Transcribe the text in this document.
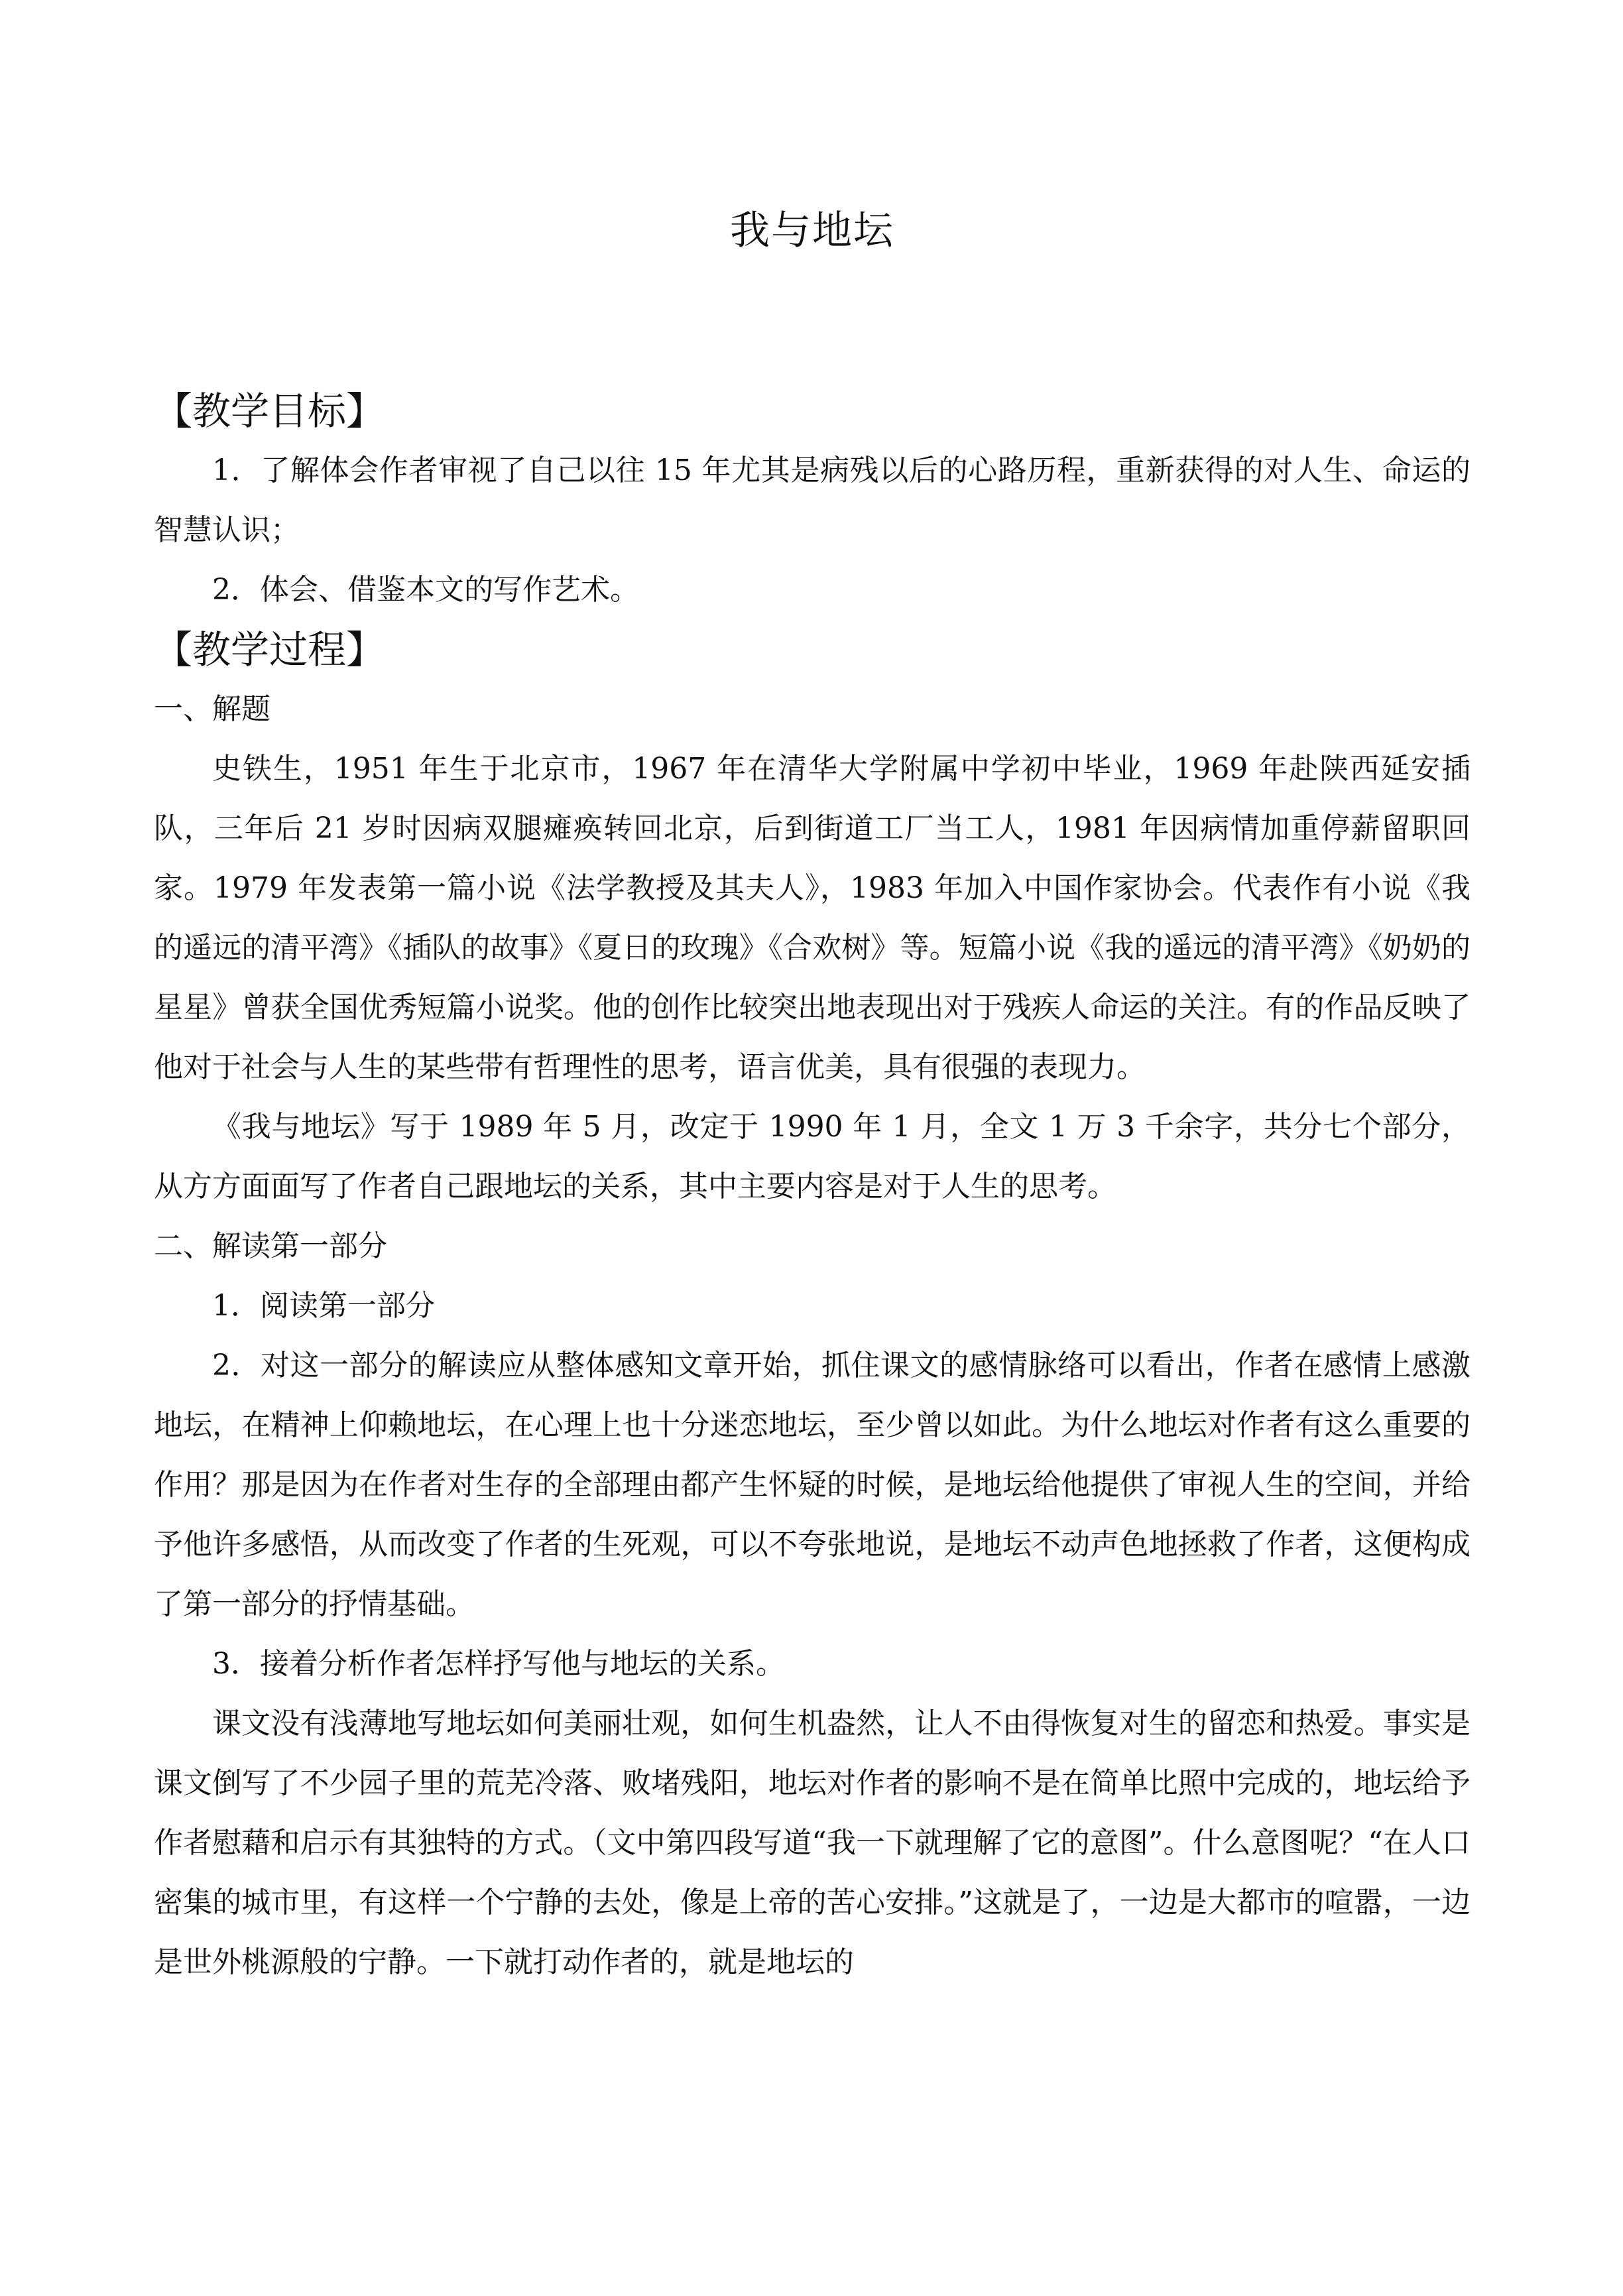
我与地坛
【教学目标】

1．了解体会作者审视了自己以往 15 年尤其是病残以后的心路历程，重新获得的对人生、命运的智慧认识；

2．体会、借鉴本文的写作艺术。

【教学过程】
一、解题

史铁生，1951 年生于北京市，1967 年在清华大学附属中学初中毕业，1969 年赴陕西延安插队，三年后 21 岁时因病双腿瘫痪转回北京，后到街道工厂当工人，1981 年因病情加重停薪留职回家。1979 年发表第一篇小说《法学教授及其夫人》，1983 年加入中国作家协会。代表作有小说《我的遥远的清平湾》《插队的故事》《夏日的玫瑰》《合欢树》等。短篇小说《我的遥远的清平湾》《奶奶的星星》曾获全国优秀短篇小说奖。他的创作比较突出地表现出对于残疾人命运的关注。有的作品反映了他对于社会与人生的某些带有哲理性的思考，语言优美，具有很强的表现力。

《我与地坛》写于 1989 年 5 月，改定于 1990 年 1 月，全文 1 万 3 千余字，共分七个部分，从方方面面写了作者自己跟地坛的关系，其中主要内容是对于人生的思考。

二、解读第一部分

1．阅读第一部分

2．对这一部分的解读应从整体感知文章开始，抓住课文的感情脉络可以看出，作者在感情上感激地坛，在精神上仰赖地坛，在心理上也十分迷恋地坛，至少曾以如此。为什么地坛对作者有这么重要的作用？那是因为在作者对生存的全部理由都产生怀疑的时候，是地坛给他提供了审视人生的空间，并给予他许多感悟，从而改变了作者的生死观，可以不夸张地说，是地坛不动声色地拯救了作者，这便构成了第一部分的抒情基础。

3．接着分析作者怎样抒写他与地坛的关系。

课文没有浅薄地写地坛如何美丽壮观，如何生机盎然，让人不由得恢复对生的留恋和热爱。事实是课文倒写了不少园子里的荒芜冷落、败堵残阳，地坛对作者的影响不是在简单比照中完成的，地坛给予作者慰藉和启示有其独特的方式。（文中第四段写道“我一下就理解了它的意图”。什么意图呢？“在人口密集的城市里，有这样一个宁静的去处，像是上帝的苦心安排。”这就是了，一边是大都市的喧嚣，一边是世外桃源般的宁静。一下就打动作者的，就是地坛的
